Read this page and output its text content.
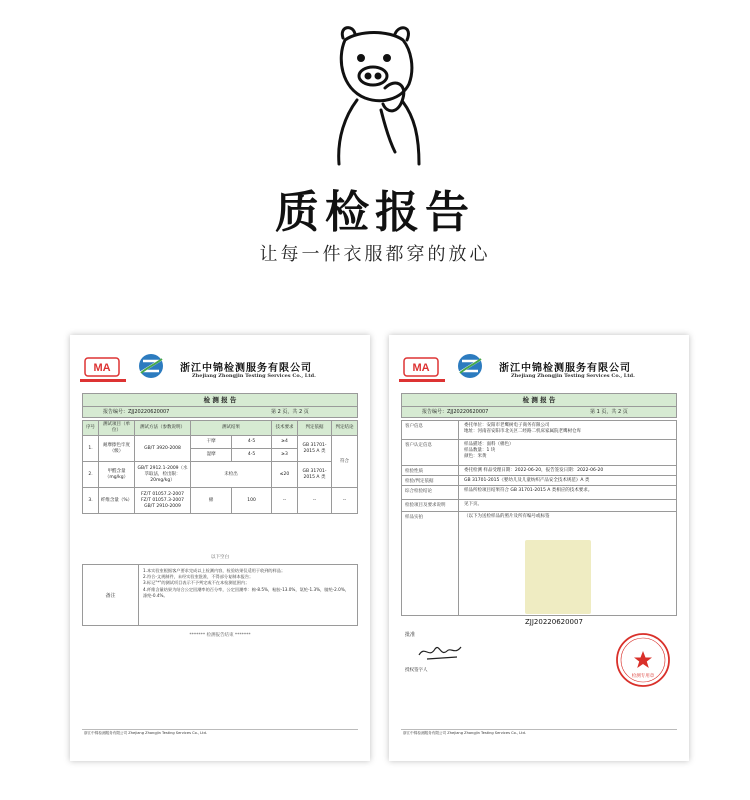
质检报告
让每一件衣服都穿的放心
MA	浙江中锦检测服务有限公司
Zhejiang Zhongjin Testing Services Co., Ltd.
检 测 报 告
报告编号：ZJJ20220620007	第 2 页，共 2 页
序号	测试项目（单位）	测试方法（参数说明）	测试结果		技术要求	判定依据	判定结论
1.	耐摩擦色牢度（级）	GB/T 3920-2008	干摩	4-5	≥4	GB 31701-2015 A 类	符合
			湿摩	4-5	≥3		
2.	甲醛含量（mg/kg）	GB/T 2912.1-2009（水萃取法，检出限：20mg/kg）	未检出		≤20	GB 31701-2015 A 类	
3.	纤维含量（%）	FZ/T 01057.2-2007 FZ/T 01057.3-2007 GB/T 2910-2009	棉	100	--	--	--
以下空白
备注
1.本实验室根据客户要求完成以上检测内容，检验结果仅适用于收到的样品；
2.符合-文规制件，未经实验室批准，不得部分复制本报告；
3.标记"*"的测试项目表示不予判定或不在本检测范围内；
4.纤维含量结果为结合公定回潮率的百分率，公定回潮率：棉-8.5%，粘胶-13.0%，氨纶-1.3%，腈纶-2.0%，涤纶-0.4%。
******* 检测报告结束 *******
浙江中锦检测服务有限公司 Zhejiang Zhongjin Testing Services Co., Ltd.
MA	浙江中锦检测服务有限公司
Zhejiang Zhongjin Testing Services Co., Ltd.
检 测 报 告
报告编号：ZJJ20220620007	第 1 页，共 2 页
客户信息	委托单位：安阳市老鹰树电子商务有限公司
地址：河南省安阳市北关区二经路二机床家属院老鹰树仓库
客户认定信息	样品描述：面料（棉色）
样品数量：1 块
颜色：米黄
检验性质	委托检测 样品受理日期：2022-06-20，报告签发日期：2022-06-20
检验/判定依据	GB 31701-2015《婴幼儿及儿童纺织产品安全技术规范》A 类
综合检验结论	样品所检项目结果符合 GB 31701-2015 A 类相应的技术要求。
检验项目及要求说明	见下页。
样品实拍	（以下为送检样品的照片及所有编号或标签
ZJJ20220620007
批准
授权签字人
检测专用章
浙江中锦检测服务有限公司 Zhejiang Zhongjin Testing Services Co., Ltd.
